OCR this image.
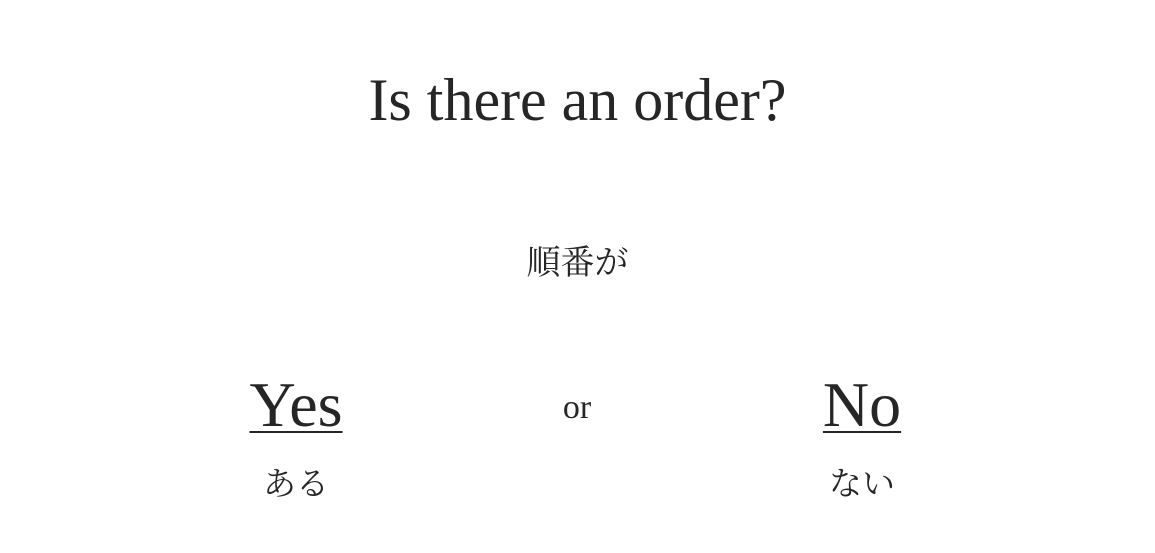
Is there an order?
順番が
Yes
ある
or	No
ない
